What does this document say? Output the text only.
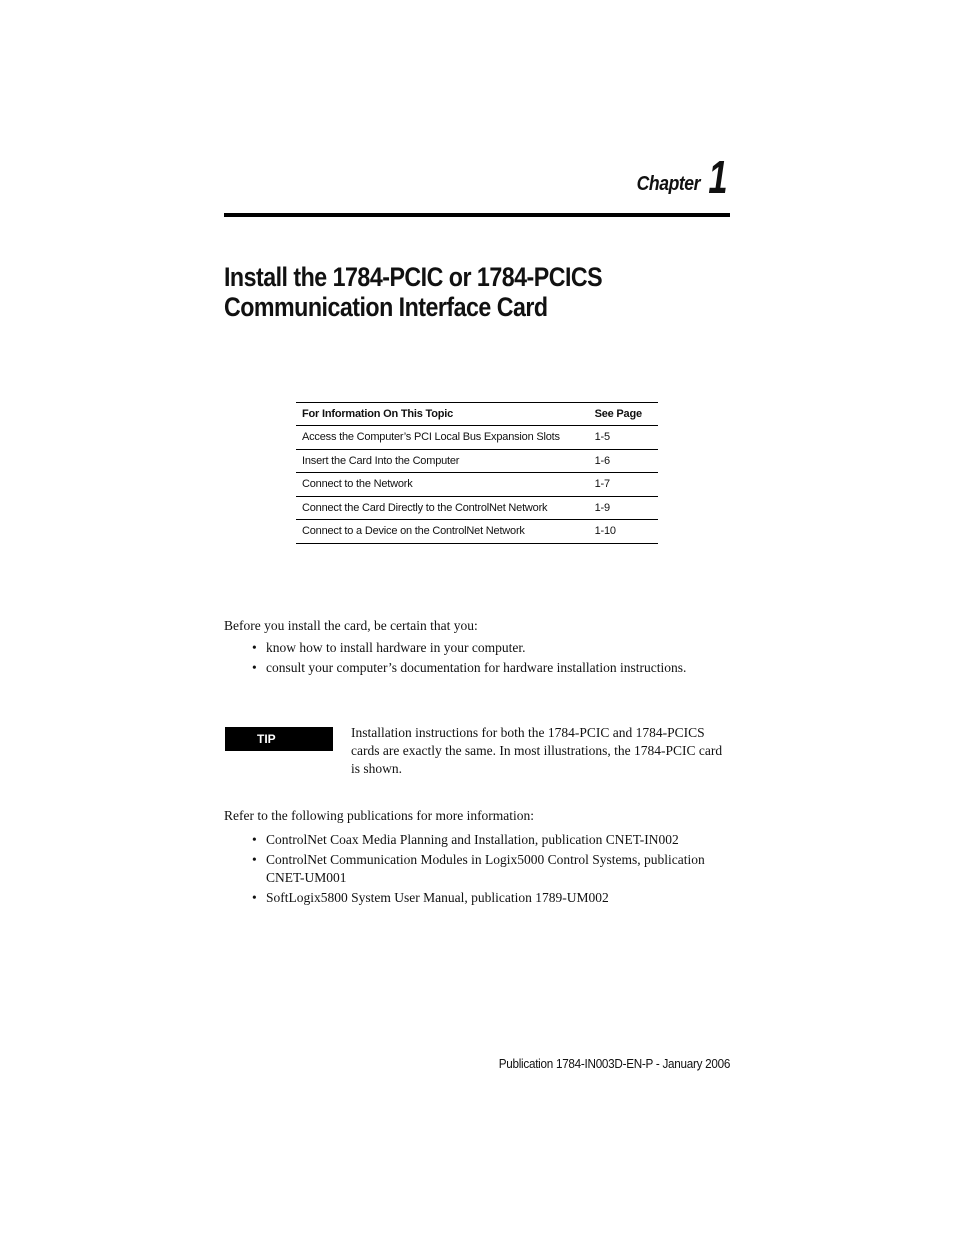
Chapter 1
Install the 1784-PCIC or 1784-PCICS
Communication Interface Card
For Information On This Topic	See Page
Access the Computer’s PCI Local Bus Expansion Slots	1-5
Insert the Card Into the Computer	1-6
Connect to the Network	1-7
Connect the Card Directly to the ControlNet Network	1-9
Connect to a Device on the ControlNet Network	1-10

Before you install the card, be certain that you:

• know how to install hardware in your computer.
• consult your computer’s documentation for hardware installation instructions.
TIP	Installation instructions for both the 1784-PCIC and 1784-PCICS cards are exactly the same. In most illustrations, the 1784-PCIC card is shown.

Refer to the following publications for more information:

• ControlNet Coax Media Planning and Installation, publication CNET-IN002
• ControlNet Communication Modules in Logix5000 Control Systems, publication CNET-UM001
• SoftLogix5800 System User Manual, publication 1789-UM002
Publication 1784-IN003D-EN-P - January 2006
